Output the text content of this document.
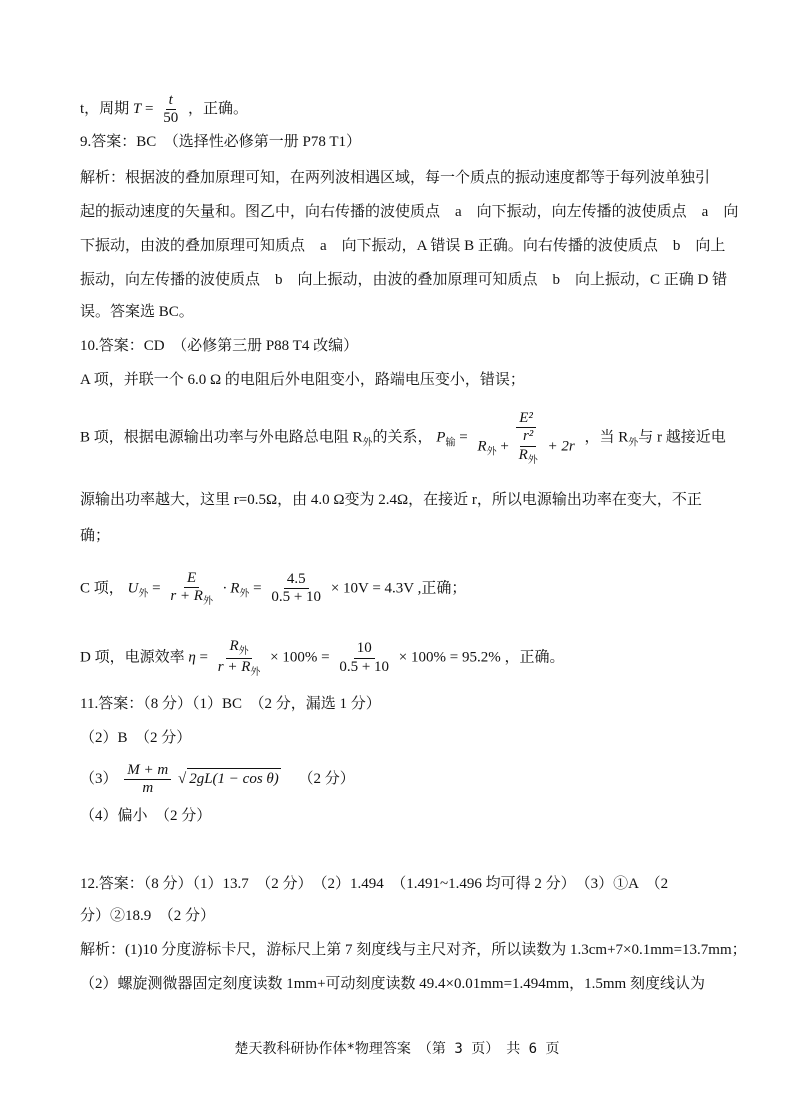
t，周期 $T = \frac{t}{50}$ ，正确。
9.答案：BC　（选择性必修第一册 P78 T1）
解析：根据波的叠加原理可知，在两列波相遇区域，每一个质点的振动速度都等于每列波单独引
起的振动速度的矢量和。图乙中，向右传播的波使质点　a　向下振动，向左传播的波使质点　a　向
下振动，由波的叠加原理可知质点　a　向下振动，A 错误 B 正确。向右传播的波使质点　b　向上
振动，向左传播的波使质点　b　向上振动，由波的叠加原理可知质点　b　向上振动，C 正确 D 错
误。答案选 BC。
10.答案：CD　（必修第三册 P88 T4 改编）
A 项，并联一个 6.0 Ω 的电阻后外电阻变小，路端电压变小，错误；
B 项，根据电源输出功率与外电路总电阻 $R_外$的关系， $P_输$ =
E²
$R_外 + \frac{\text{r²}}{R_外} + 2r$
，当 $R_外$与 r 越接近电
源输出功率越大，这里 r=0.5Ω，由 4.0 Ω变为 2.4Ω，在接近 r，所以电源输出功率在变大，不正
确；
C 项， $U_外 = \frac{E}{r + R_外} \cdot R_外 = \frac{4.5}{0.5 + 10} \times 10V = 4.3V$ ,正确；
D 项，电源效率 $\eta = \frac{R_外}{r + R_外} \times 100\% = \frac{10}{0.5 + 10} \times 100\% = 95.2\%$ ，正确。
11.答案：（8 分）（1）BC　（2 分，漏选 1 分）
（2）B　（2 分）
$(3) \frac{M + m}{m}$ √ 2gL(1 − cos θ) （2 分）
（4）偏小　（2 分）
12.答案：（8 分）（1）13.7　（2 分）　（2）1.494　（1.491~1.496 均可得 2 分）　（3）①A　（2
分）②18.9　（2 分）
解析：(1)10 分度游标卡尺，游标尺上第 7 刻度线与主尺对齐，所以读数为 1.3cm+7×0.1mm=13.7mm；
（2）螺旋测微器固定刻度读数 1mm+可动刻度读数 49.4×0.01mm=1.494mm，1.5mm 刻度线认为
楚天教科研协作体*物理答案　（第 3 页）　共 6 页
